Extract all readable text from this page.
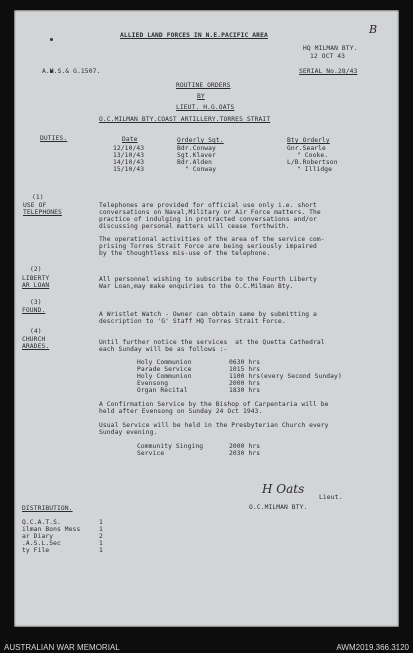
B
ALLIED LAND FORCES IN N.E.PACIFIC AREA
HQ MILMAN BTY.
12 OCT 43
A.M.S.& G.1507.	SERIAL No.28/43
ROUTINE ORDERS
BY
LIEUT. H.G.OATS
O.C.MILMAN BTY.COAST ARTILLERY.TORRES STRAIT
DUTIES.	Date	Orderly Sgt.	Bty Orderly
12/10/43	Bdr.Conway	Gnr.Searle
13/10/43	Sgt.Klaver	" Cooke.
14/10/43	Bdr.Alden	L/B.Robertson
15/10/43	" Conway	" Illidge
(1)
USE OF
TELEPHONES
Telephones are provided for official use only i.e. short
conversations on Naval,Military or Air Force matters. The
practice of indulging in protracted conversations and/or
discussing personal matters will cease forthwith.
The operational activities of the area of the service com-
prising Torres Strait Force are being seriously impaired
by the thoughtless mis-use of the telephone.
(2)
LIBERTY
AR LOAN
All personnel wishing to subscribe to the Fourth Liberty
War Loan,may make enquiries to the O.C.Milman Bty.
(3)
FOUND.
A Wristlet Watch - Owner can obtain same by submitting a
description to 'G' Staff HQ Torres Strait Force.
(4)
CHURCH
ARADES.
Until further notice the services  at the Quetta Cathedral
each Sunday will be as follows :-
Holy Communion	0630 hrs
Parade Service	1015 hrs
Holy Communion	1100 hrs(every Second Sunday)
Evensong	2000 hrs
Organ Recital	1830 hrs
A Confirmation Service by the Bishop of Carpentaria will be
held after Evensong on Sunday 24 Oct 1943.
Usual Service will be held in the Presbyterian Church every
Sunday evening.
Community Singing	2000 hrs
Service	2030 hrs
H Oats
Lieut.
O.C.MILMAN BTY.
DISTRIBUTION.
Q.C.A.T.S.	1
ilman Bons Mess	1
ar Diary	2
.A.S.L.Sec	1
ty File	1
AUSTRALIAN WAR MEMORIAL	AWM2019.366.3120
